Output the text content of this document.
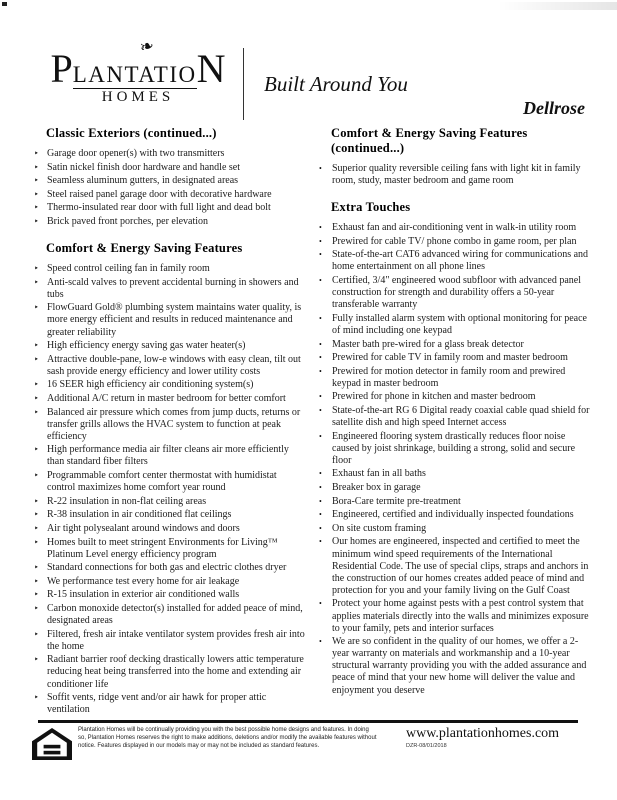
❧
PLANTATION
HOMES
Built Around You
Dellrose
Classic Exteriors (continued...)
‣ Garage door opener(s) with two transmitters
‣ Satin nickel finish door hardware and handle set
‣ Seamless aluminum gutters, in designated areas
‣ Steel raised panel garage door with decorative hardware
‣ Thermo-insulated rear door with full light and dead bolt
‣ Brick paved front porches, per elevation
Comfort & Energy Saving Features
‣ Speed control ceiling fan in family room
‣ Anti-scald valves to prevent accidental burning in showers and tubs
‣ FlowGuard Gold® plumbing system maintains water quality, is more energy efficient and results in reduced maintenance and greater reliability
‣ High efficiency energy saving gas water heater(s)
‣ Attractive double-pane, low-e windows with easy clean, tilt out sash provide energy efficiency and lower utility costs
‣ 16 SEER high efficiency air conditioning system(s)
‣ Additional A/C return in master bedroom for better comfort
‣ Balanced air pressure which comes from jump ducts, returns or transfer grills allows the HVAC system to function at peak efficiency
‣ High performance media air filter cleans air more efficiently than standard fiber filters
‣ Programmable comfort center thermostat with humidistat control maximizes home comfort year round
‣ R-22 insulation in non-flat ceiling areas
‣ R-38 insulation in air conditioned flat ceilings
‣ Air tight polysealant around windows and doors
‣ Homes built to meet stringent Environments for Living™ Platinum Level energy efficiency program
‣ Standard connections for both gas and electric clothes dryer
‣ We performance test every home for air leakage
‣ R-15 insulation in exterior air conditioned walls
‣ Carbon monoxide detector(s) installed for added peace of mind, designated areas
‣ Filtered, fresh air intake ventilator system provides fresh air into the home
‣ Radiant barrier roof decking drastically lowers attic temperature reducing heat being transferred into the home and extending air conditioner life
‣ Soffit vents, ridge vent and/or air hawk for proper attic ventilation
Comfort & Energy Saving Features (continued...)
•	Superior quality reversible ceiling fans with light kit in family room, study, master bedroom and game room
Extra Touches
•	Exhaust fan and air-conditioning vent in walk-in utility room
•	Prewired for cable TV/ phone combo in game room, per plan
•	State-of-the-art CAT6 advanced wiring for communications and home entertainment on all phone lines
•	Certified, 3/4" engineered wood subfloor with advanced panel construction for strength and durability offers a 50-year transferable warranty
•	Fully installed alarm system with optional monitoring for peace of mind including one keypad
•	Master bath pre-wired for a glass break detector
•	Prewired for cable TV in family room and master bedroom
•	Prewired for motion detector in family room and prewired keypad in master bedroom
•	Prewired for phone in kitchen and master bedroom
•	State-of-the-art RG 6 Digital ready coaxial cable quad shield for satellite dish and high speed Internet access
•	Engineered flooring system drastically reduces floor noise caused by joist shrinkage, building a strong, solid and secure floor
•	Exhaust fan in all baths
•	Breaker box in garage
•	Bora-Care termite pre-treatment
•	Engineered, certified and individually inspected foundations
•	On site custom framing
•	Our homes are engineered, inspected and certified to meet the minimum wind speed requirements of the International Residential Code. The use of special clips, straps and anchors in the construction of our homes creates added peace of mind and protection for you and your family living on the Gulf Coast
•	Protect your home against pests with a pest control system that applies materials directly into the walls and minimizes exposure to your family, pets and interior surfaces
•	We are so confident in the quality of our homes, we offer a 2-year warranty on materials and workmanship and a 10-year structural warranty providing you with the added assurance and peace of mind that your new home will deliver the value and enjoyment you deserve
Plantation Homes will be continually providing you with the best possible home designs and features. In doing so, Plantation Homes reserves the right to make additions, deletions and/or modify the available features without notice. Features displayed in our models may or may not be included as standard features.
www.plantationhomes.com
DZR-08/01/2018
